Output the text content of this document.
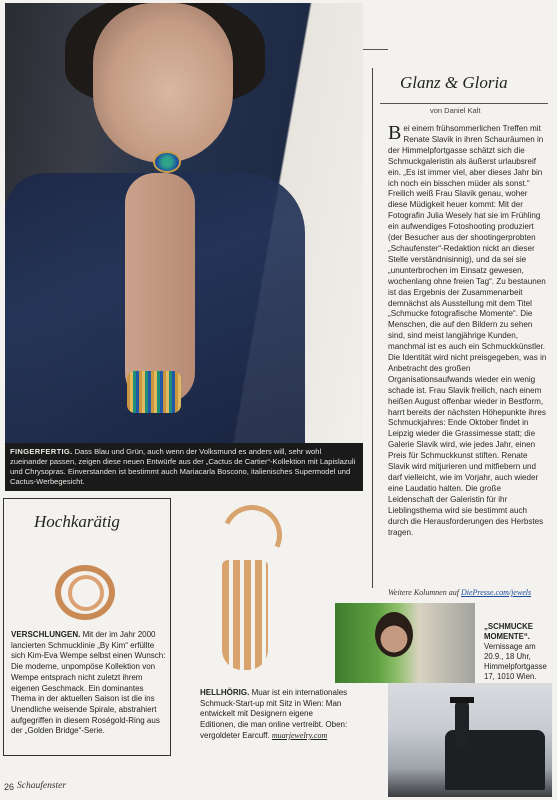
FINGERFERTIG. Dass Blau und Grün, auch wenn der Volksmund es anders will, sehr wohl zueinander passen, zeigen diese neuen Entwürfe aus der „Cactus de Cartier“-Kollektion mit Lapislazuli und Chrysopras. Einverstanden ist bestimmt auch Mariacarla Boscono, italienisches Supermodel und Cactus-Werbegesicht.
Glanz & Gloria
von Daniel Kalt
Bei einem frühsommerlichen Treffen mit Renate Slavik in ihren Schauräumen in der Himmelpfortgasse schätzt sich die Schmuckgaleristin als äußerst urlaubsreif ein. „Es ist immer viel, aber dieses Jahr bin ich noch ein bisschen müder als sonst.“ Freilich weiß Frau Slavik genau, woher diese Müdigkeit heuer kommt: Mit der Fotografin Julia Wesely hat sie im Frühling ein aufwendiges Fotoshooting produziert (der Besucher aus der shootingerprobten „Schaufenster“-Redaktion nickt an dieser Stelle verständnisinnig), und da sei sie „ununterbrochen im Einsatz gewesen, wochenlang ohne freien Tag“. Zu bestaunen ist das Ergebnis der Zusammenarbeit demnächst als Ausstellung mit dem Titel „Schmucke fotografische Momente“. Die Menschen, die auf den Bildern zu sehen sind, sind meist langjährige Kunden, manchmal ist es auch ein Schmuckkünstler. Die Identität wird nicht preisgegeben, was in Anbetracht des großen Organisationsaufwands wieder ein wenig schade ist. Frau Slavik freilich, nach einem heißen August offenbar wieder in Bestform, harrt bereits der nächsten Höhepunkte ihres Schmuckjahres: Ende Oktober findet in Leipzig wieder die Grassimesse statt; die Galerie Slavik wird, wie jedes Jahr, einen Preis für Schmuckkunst stiften. Renate Slavik wird mitjurieren und mitfiebern und darf vielleicht, wie im Vorjahr, auch wieder eine Laudatio halten. Die große Leidenschaft der Galeristin für ihr Lieblingsthema wird sie bestimmt auch durch die Herausforderungen des Herbstes tragen.
Weitere Kolumnen auf DiePresse.com/jewels
„SCHMUCKE MOMENTE“. Vernissage am 20.9., 18 Uhr, Himmelpfortgasse 17, 1010 Wien.
Hochkarätig
VERSCHLUNGEN. Mit der im Jahr 2000 lancierten Schmucklinie „By Kim“ erfüllte sich Kim-Eva Wempe selbst einen Wunsch: Die moderne, unpompöse Kollektion von Wempe entsprach nicht zuletzt ihrem eigenen Geschmack. Ein dominantes Thema in der aktuellen Saison ist die ins Unendliche weisende Spirale, abstrahiert aufgegriffen in diesem Roségold-Ring aus der „Golden Bridge“-Serie.
HELLHÖRIG. Muar ist ein internationales Schmuck-Start-up mit Sitz in Wien: Man entwickelt mit Designern eigene Editionen, die man online vertreibt. Oben: vergoldeter Earcuff. muarjewelry.com
26 Schaufenster
